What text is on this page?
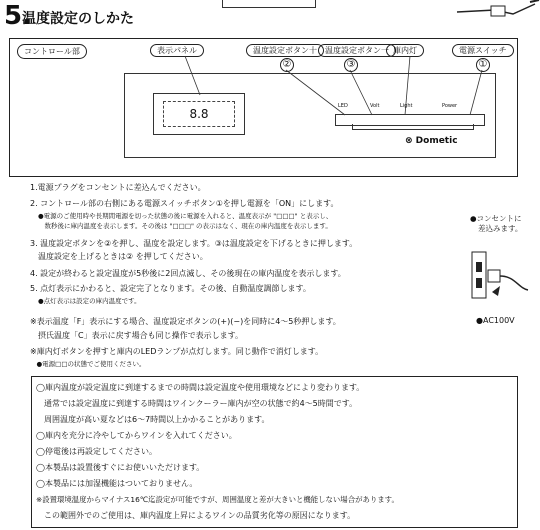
5.
温度設定のしかた
コントロール部	表示パネル	温度設定ボタン十	温度設定ボタン一 庫内灯	電源スイッチ
②	③	①
8.8
LED	Volt	Light	Power
⊗ Dometic
1.電源プラグをコンセントに差込んでください。
2. コントロール部の右側にある電源スイッチボタン①を押し電源を「ON」にします。
●電源のご使用時や長期間電源を切った状態の後に電源を入れると、温度表示が "□□□" と表示し、
　数秒後に庫内温度を表示します。その後は "□□□" の表示はなく、現在の庫内温度を表示します。
3. 温度設定ボタンを②を押し、温度を設定します。③は温度設定を下げるときに押します。
　温度設定を上げるときは② を押してください。
4. 設定が終わると設定温度が5秒後に2回点滅し、その後現在の庫内温度を表示します。
5. 点灯表示にかわると、設定完了となります。その後、自動温度調節します。
●点灯表示は設定の庫内温度です。
※表示温度「F」表示にする場合、温度設定ボタンの(+)(−)を同時に4〜5秒押します。
　摂氏温度「C」表示に戻す場合も同じ操作で表示します。
※庫内灯ボタンを押すと庫内のLEDランプが点灯します。同じ動作で消灯します。
　●電源□□の状態でご使用ください。
●コンセントに
差込みます。
●AC100V
◯庫内温度が設定温度に到達するまでの時間は設定温度や使用環境などにより変わります。
　通常では設定温度に到達する時間はワインクーラー庫内が空の状態で約4〜5時間です。
　周囲温度が高い夏などは6〜7時間以上かかることがあります。
◯庫内を充分に冷やしてからワインを入れてください。
◯停電後は再設定してください。
◯本製品は設置後すぐにお使いいただけます。
◯本製品には加湿機能はついておりません。
※設置環境温度からマイナス16℃迄設定が可能ですが、周囲温度と差が大きいと機能しない場合があります。
　この範囲外でのご使用は、庫内温度上昇によるワインの品質劣化等の原因になります。
